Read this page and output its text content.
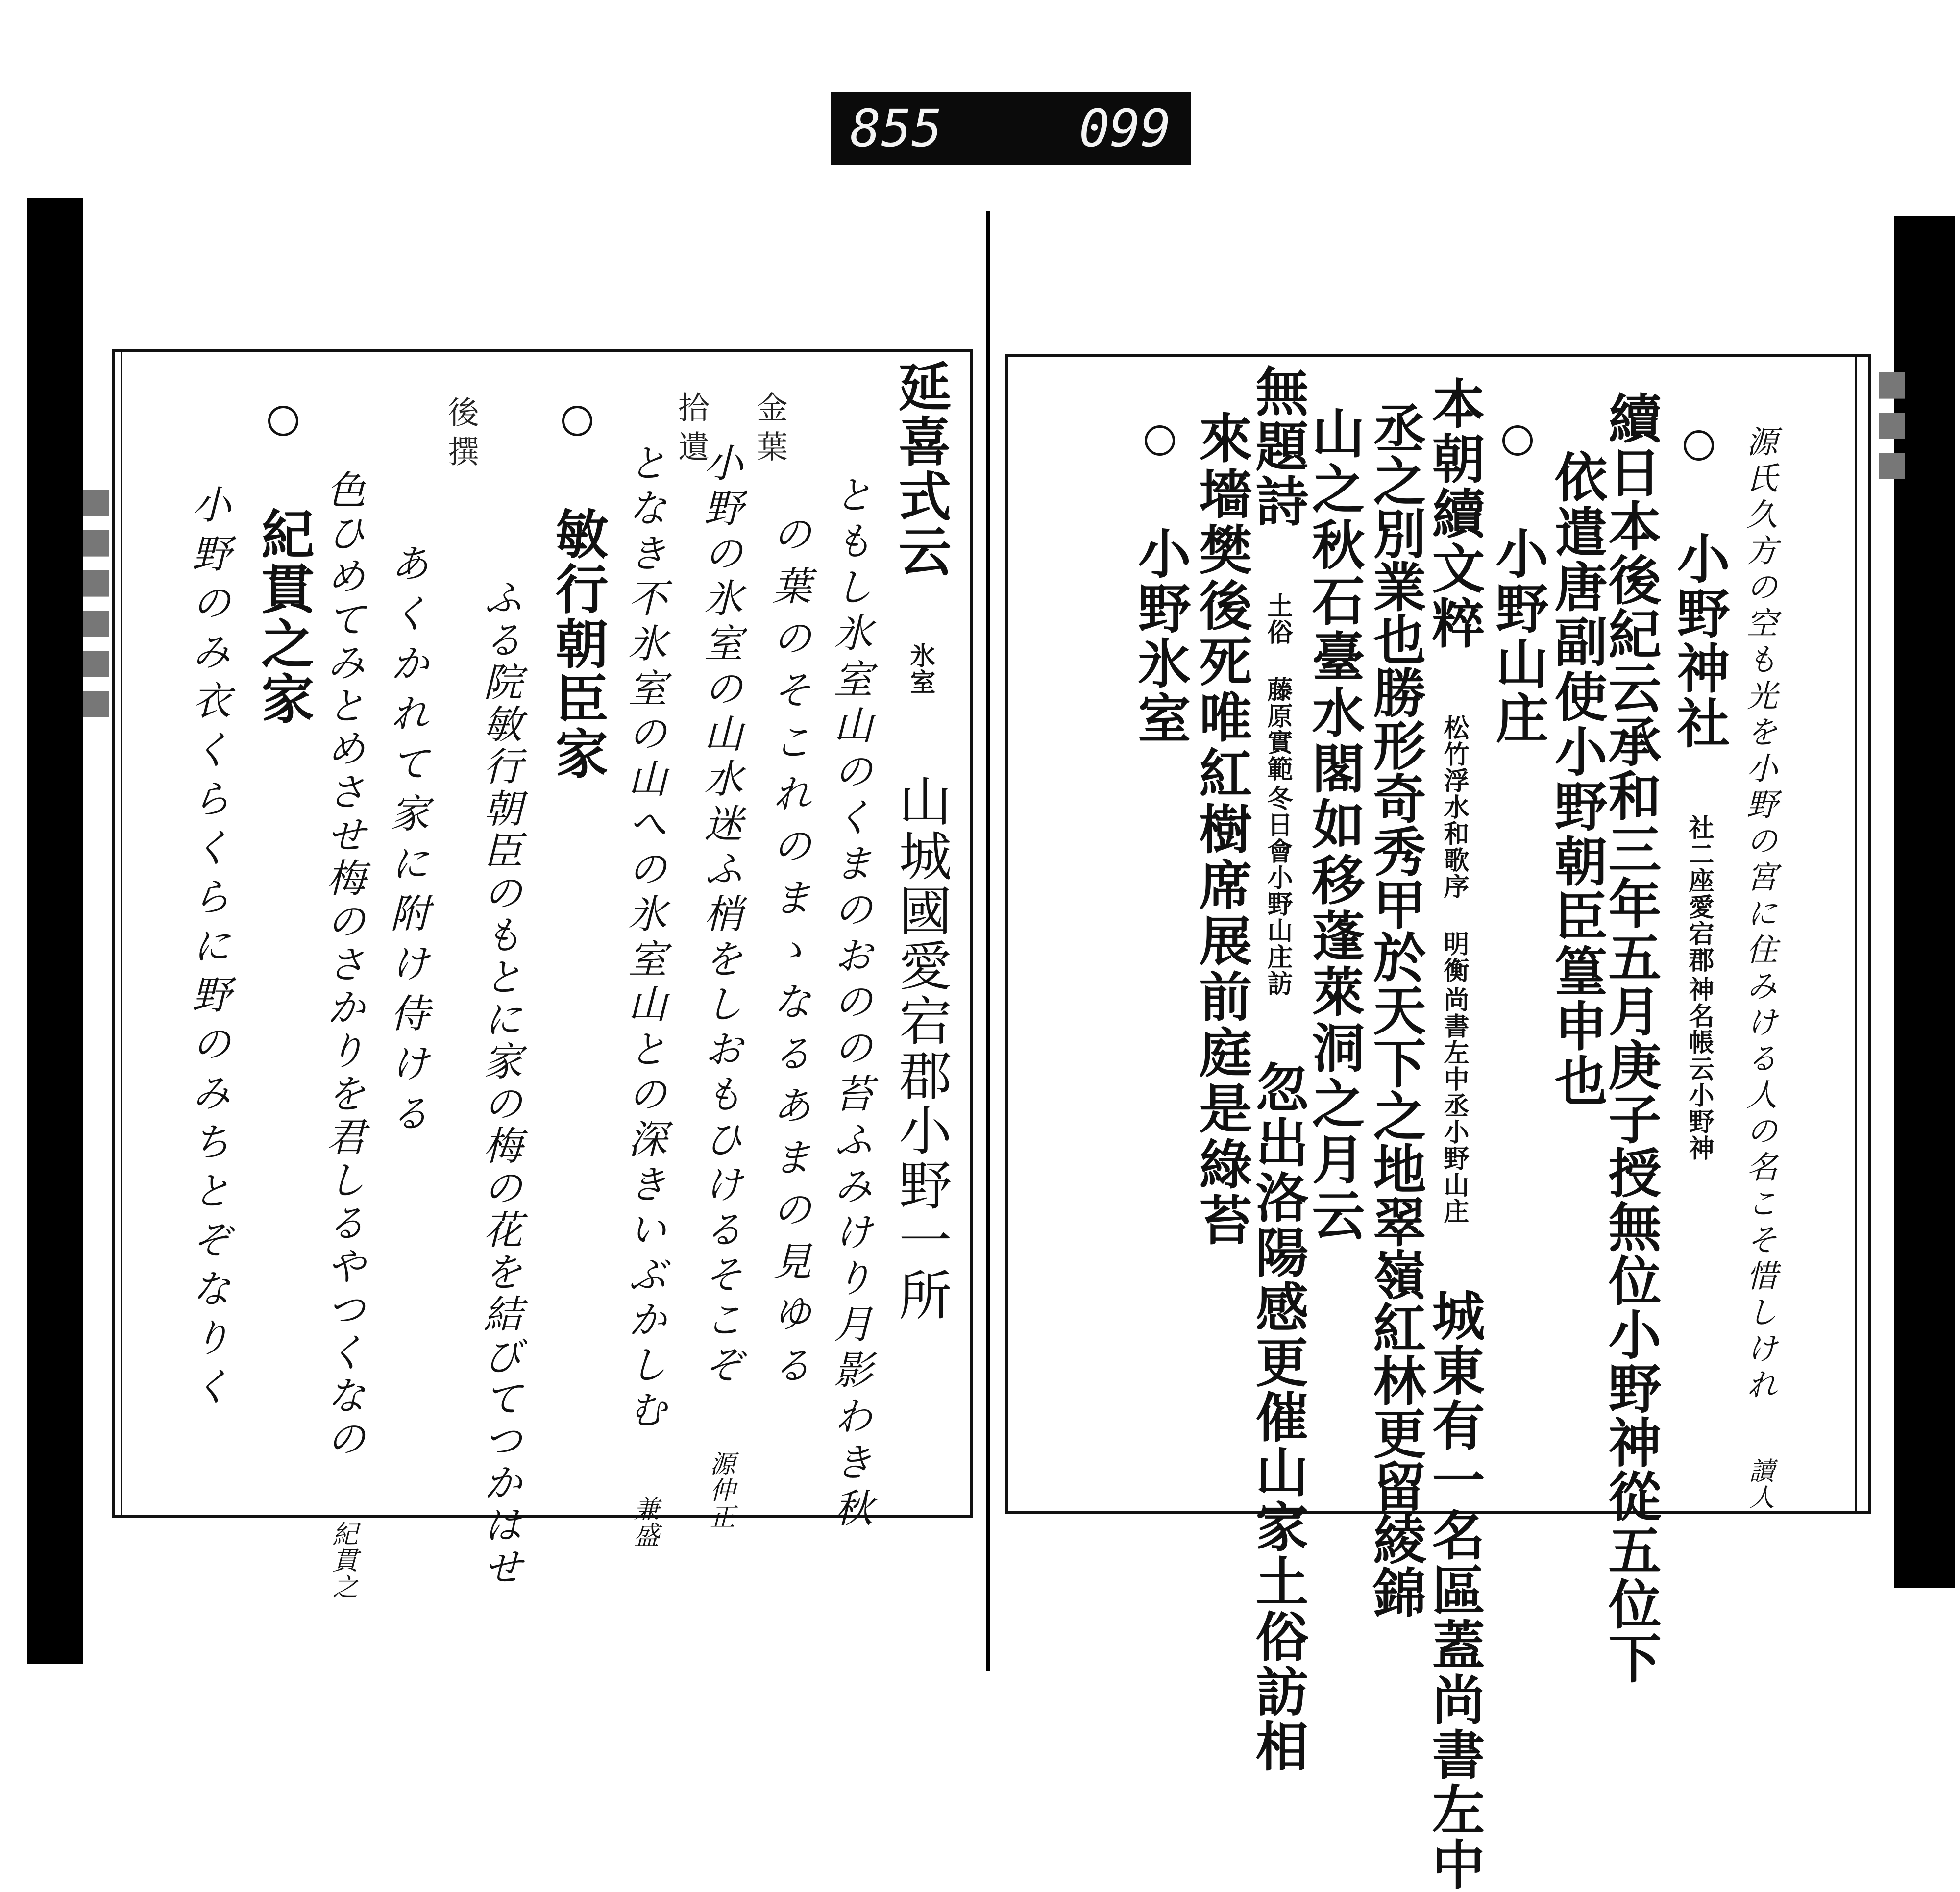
855	099
源氏久方の空も光を小野の宮に住みける人の名こそ惜しけれ 讀人
小野神社
神名帳云小野神
社二座愛宕郡
續日本後紀云承和三年五月庚子授無位小野神從五位下
依遣唐副使小野朝臣篁申也
小野山庄
本朝續文粹
尚書左中丞小野山庄
松竹浮水和歌序 明衡
城東有一名區蓋尚書左中
丞之別業也勝形奇秀甲於天下之地翠嶺紅林更留綾錦
山之秋石臺水閣如移蓬萊洞之月云
無題詩
冬日會小野山庄訪
土俗 藤原實範
忽出洛陽感更催山家土俗訪相
來墻樊後死唯紅樹席展前庭是綠苔
小野氷室
延喜式云 氷室 山城國愛宕郡小野一所
ともし氷室山のくまのおのの苔ふみけり月影わき秋
の葉のそこれのまゝなるあまの見ゆる
金葉
小野の氷室の山水迷ふ梢をしおもひけるそこぞ 源仲正
拾遺
となき不氷室の山への氷室山との深きいぶかしむ 兼盛
敏行朝臣家
ふる院敏行朝臣のもとに家の梅の花を結びてつかはせ
後撰
あくかれて家に附け侍ける
色ひめてみとめさせ梅のさかりを君しるやつくなの 紀貫之
紀貫之家
小野のみ衣くらくらに野のみちとぞなりく
■■■■■■
■■■
